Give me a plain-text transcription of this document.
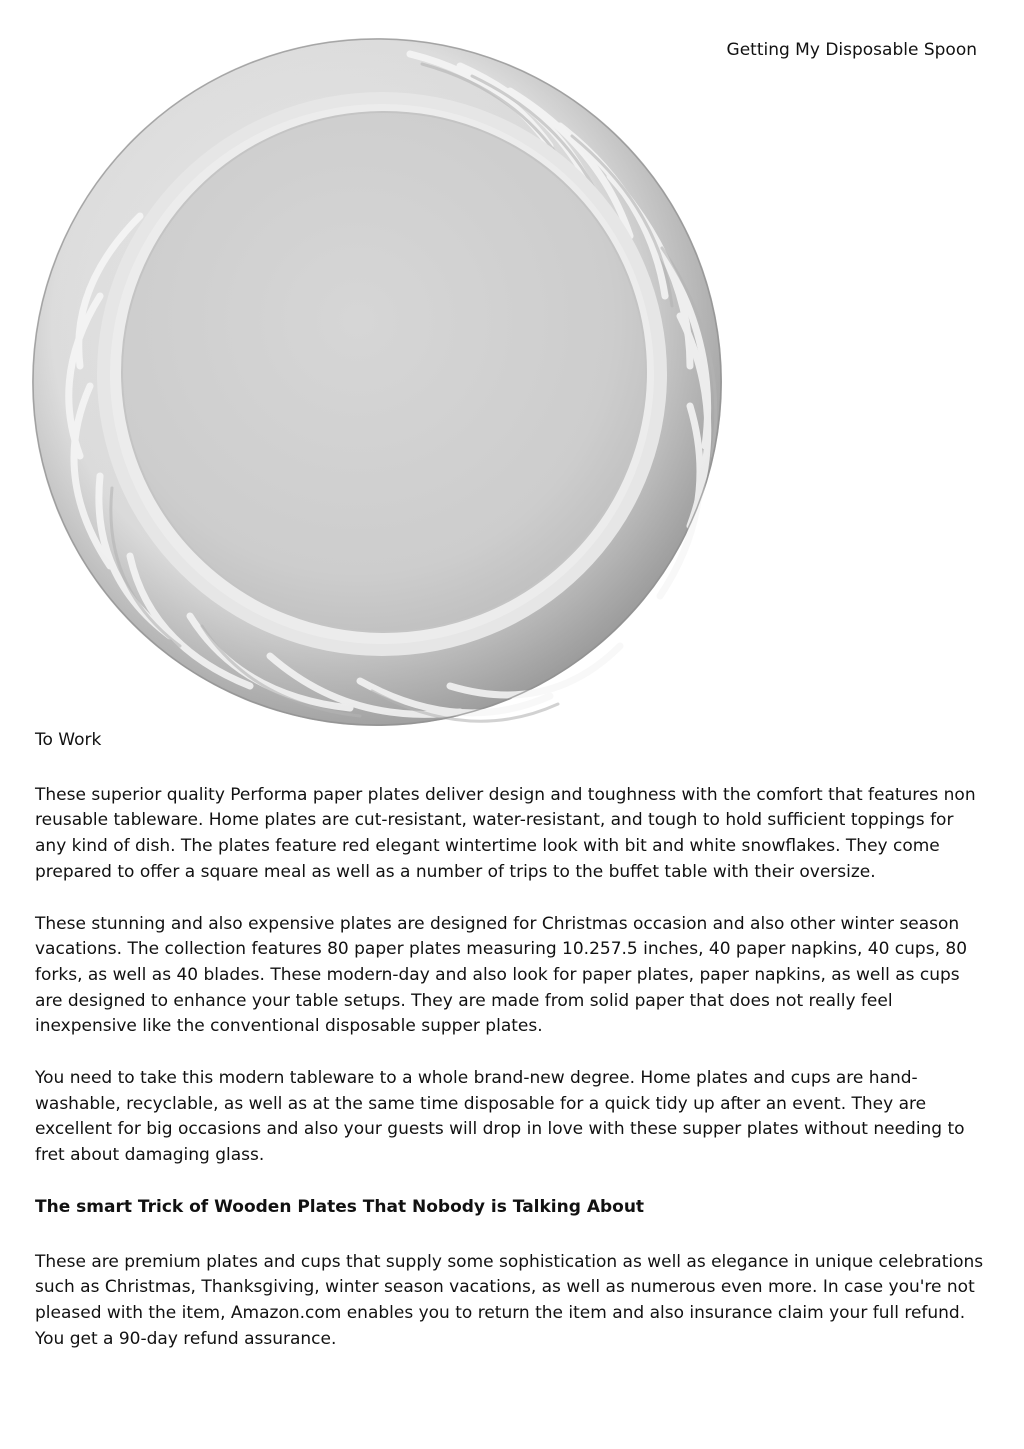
Getting My Disposable Spoon

To Work

These superior quality Performa paper plates deliver design and toughness with the comfort that features non reusable tableware. Home plates are cut-resistant, water-resistant, and tough to hold sufficient toppings for any kind of dish. The plates feature red elegant wintertime look with bit and white snowflakes. They come prepared to offer a square meal as well as a number of trips to the buffet table with their oversize.

These stunning and also expensive plates are designed for Christmas occasion and also other winter season vacations. The collection features 80 paper plates measuring 10.257.5 inches, 40 paper napkins, 40 cups, 80 forks, as well as 40 blades. These modern-day and also look for paper plates, paper napkins, as well as cups are designed to enhance your table setups. They are made from solid paper that does not really feel inexpensive like the conventional disposable supper plates.

You need to take this modern tableware to a whole brand-new degree. Home plates and cups are hand-washable, recyclable, as well as at the same time disposable for a quick tidy up after an event. They are excellent for big occasions and also your guests will drop in love with these supper plates without needing to fret about damaging glass.

The smart Trick of Wooden Plates That Nobody is Talking About

These are premium plates and cups that supply some sophistication as well as elegance in unique celebrations such as Christmas, Thanksgiving, winter season vacations, as well as numerous even more. In case you're not pleased with the item, Amazon.com enables you to return the item and also insurance claim your full refund. You get a 90-day refund assurance.
